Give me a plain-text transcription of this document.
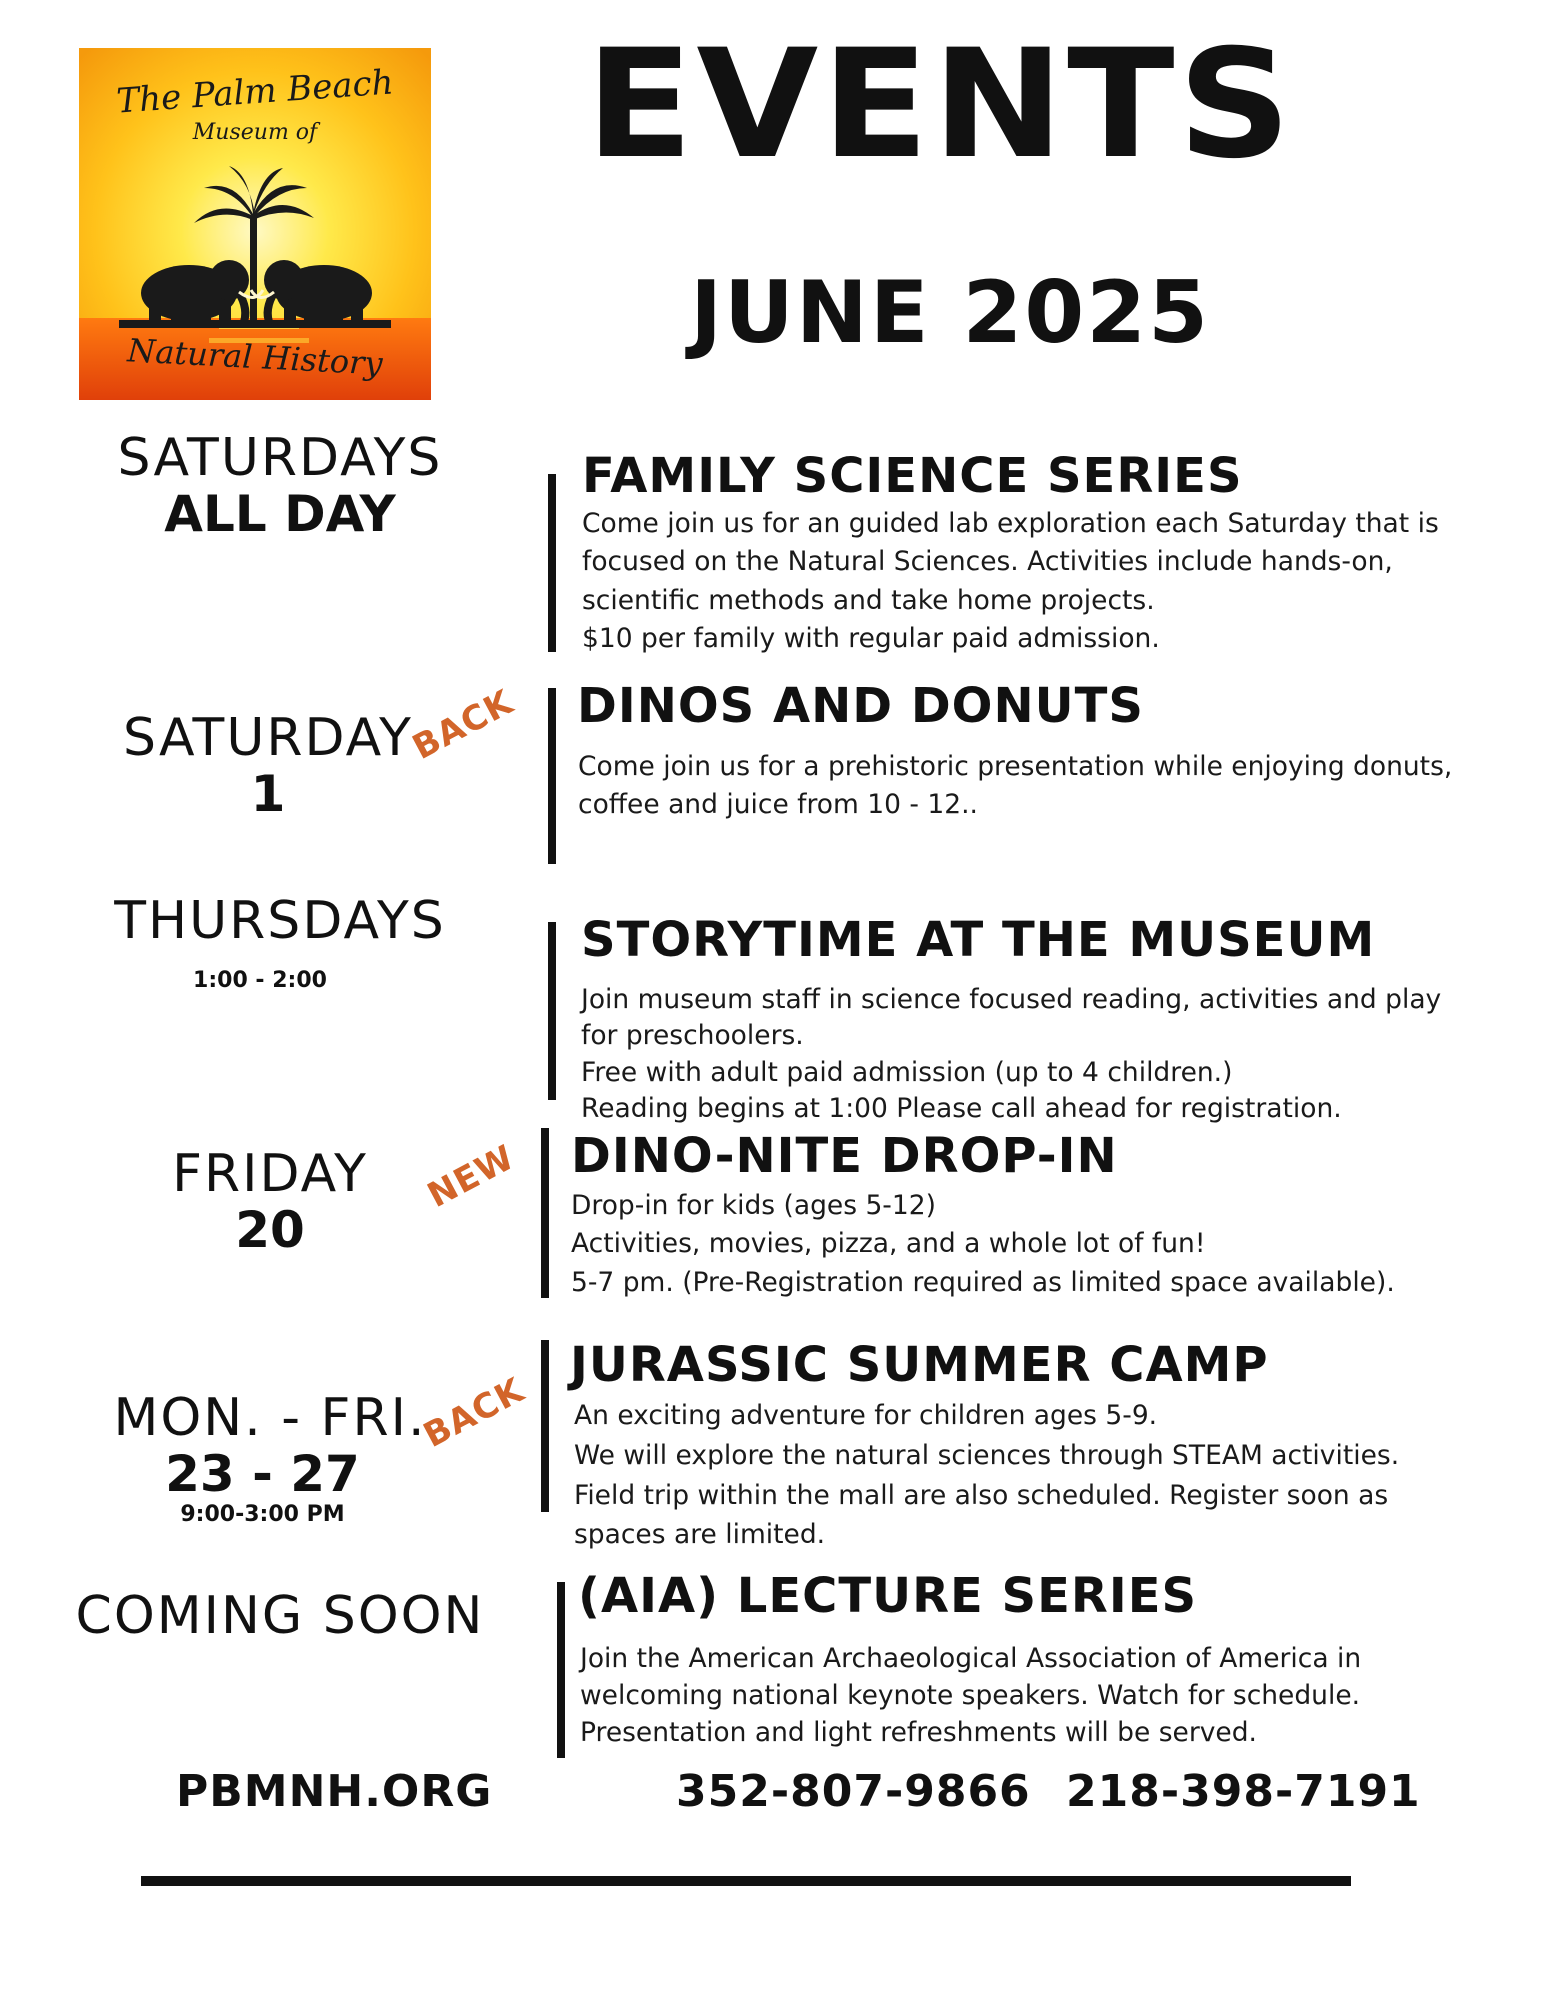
The Palm Beach
Museum of
Natural History
EVENTS
JUNE 2025
SATURDAYS
ALL DAY
FAMILY SCIENCE SERIES
Come join us for an guided lab exploration each Saturday that is
focused on the Natural Sciences. Activities include hands-on,
scientific methods and take home projects.
$10 per family with regular paid admission.
SATURDAY
1
BACK DINOS AND DONUTS
Come join us for a prehistoric presentation while enjoying donuts,
coffee and juice from 10 - 12..
THURSDAYS
1:00 - 2:00
STORYTIME AT THE MUSEUM
Join museum staff in science focused reading, activities and play
for preschoolers.
Free with adult paid admission (up to 4 children.)
Reading begins at 1:00 Please call ahead for registration.
FRIDAY
20
NEW DINO-NITE DROP-IN
Drop-in for kids (ages 5-12)
Activities, movies, pizza, and a whole lot of fun!
5-7 pm. (Pre-Registration required as limited space available).
MON. - FRI.
23 - 27
9:00-3:00 PM
BACK
JURASSIC SUMMER CAMP
An exciting adventure for children ages 5-9.
We will explore the natural sciences through STEAM activities.
Field trip within the mall are also scheduled. Register soon as
spaces are limited.
COMING SOON (AIA) LECTURE SERIES
Join the American Archaeological Association of America in
welcoming national keynote speakers. Watch for schedule.
Presentation and light refreshments will be served.
PBMNH.ORG	352-807-9866 218-398-7191
